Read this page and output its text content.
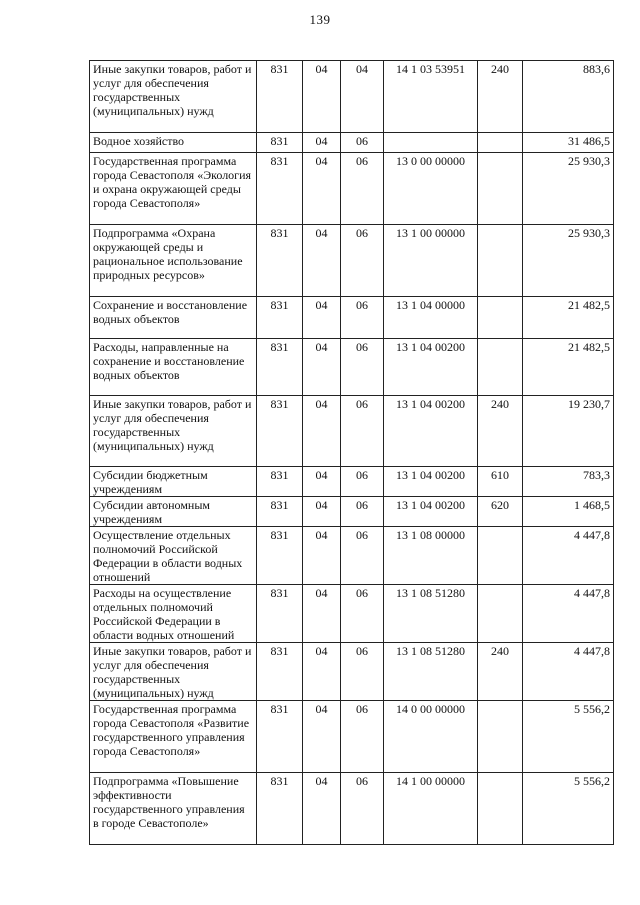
139
Иные закупки товаров, работ и услуг для обеспечения государственных (муниципальных) нужд	831	04	04	14 1 03 53951	240	883,6
Водное хозяйство	831	04	06			31 486,5
Государственная программа города Севастополя «Экология и охрана окружающей среды города Севастополя»	831	04	06	13 0 00 00000		25 930,3
Подпрограмма «Охрана окружающей среды и рациональное использование природных ресурсов»	831	04	06	13 1 00 00000		25 930,3
Сохранение и восстановление водных объектов	831	04	06	13 1 04 00000		21 482,5
Расходы, направленные на сохранение и восстановление водных объектов	831	04	06	13 1 04 00200		21 482,5
Иные закупки товаров, работ и услуг для обеспечения государственных (муниципальных) нужд	831	04	06	13 1 04 00200	240	19 230,7
Субсидии бюджетным учреждениям	831	04	06	13 1 04 00200	610	783,3
Субсидии автономным учреждениям	831	04	06	13 1 04 00200	620	1 468,5
Осуществление отдельных полномочий Российской Федерации в области водных отношений	831	04	06	13 1 08 00000		4 447,8
Расходы на осуществление отдельных полномочий Российской Федерации в области водных отношений	831	04	06	13 1 08 51280		4 447,8
Иные закупки товаров, работ и услуг для обеспечения государственных (муниципальных) нужд	831	04	06	13 1 08 51280	240	4 447,8
Государственная программа города Севастополя «Развитие государственного управления города Севастополя»	831	04	06	14 0 00 00000		5 556,2
Подпрограмма «Повышение эффективности государственного управления в городе Севастополе»	831	04	06	14 1 00 00000		5 556,2
